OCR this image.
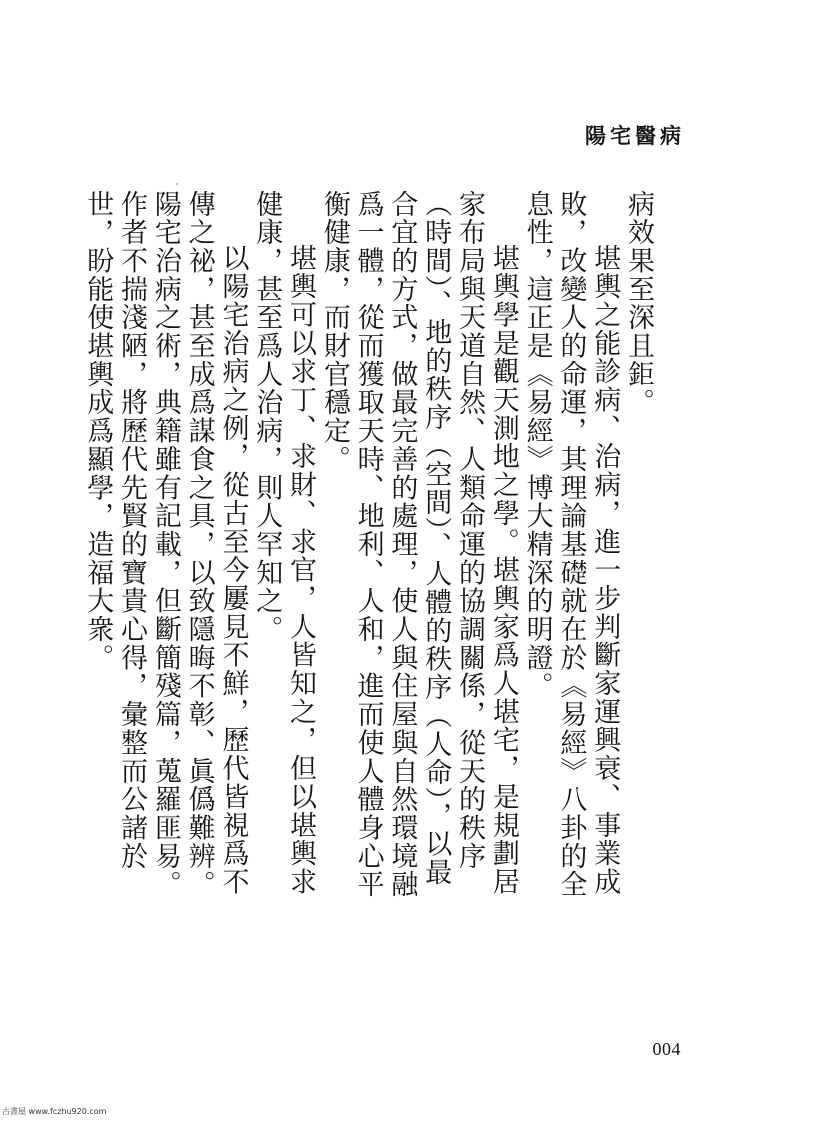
陽宅醫病

病效果至深且鉅。

堪輿之能診病、治病，進一步判斷家運興衰、事業成敗，改變人的命運，其理論基礎就在於《易經》八卦的全息性，這正是《易經》博大精深的明證。

堪輿學是觀天測地之學。堪輿家爲人堪宅，是規劃居家布局與天道自然、人類命運的協調關係，從天的秩序（時間）、地的秩序（空間）、人體的秩序（人命），以最合宜的方式，做最完善的處理，使人與住屋與自然環境融爲一體，從而獲取天時、地利、人和，進而使人體身心平衡健康，而財官穩定。

堪輿可以求丁、求財、求官，人皆知之，但以堪輿求健康，甚至爲人治病，則人罕知之。

以陽宅治病之例，從古至今屢見不鮮，歷代皆視爲不傳之祕，甚至成爲謀食之具，以致隱晦不彰、眞僞難辨。陽宅治病之術，典籍雖有記載，但斷簡殘篇，蒐羅匪易。作者不揣淺陋，將歷代先賢的寶貴心得，彙整而公諸於世，盼能使堪輿成爲顯學，造福大衆。

004
古書屋 www.fczhu920.com
